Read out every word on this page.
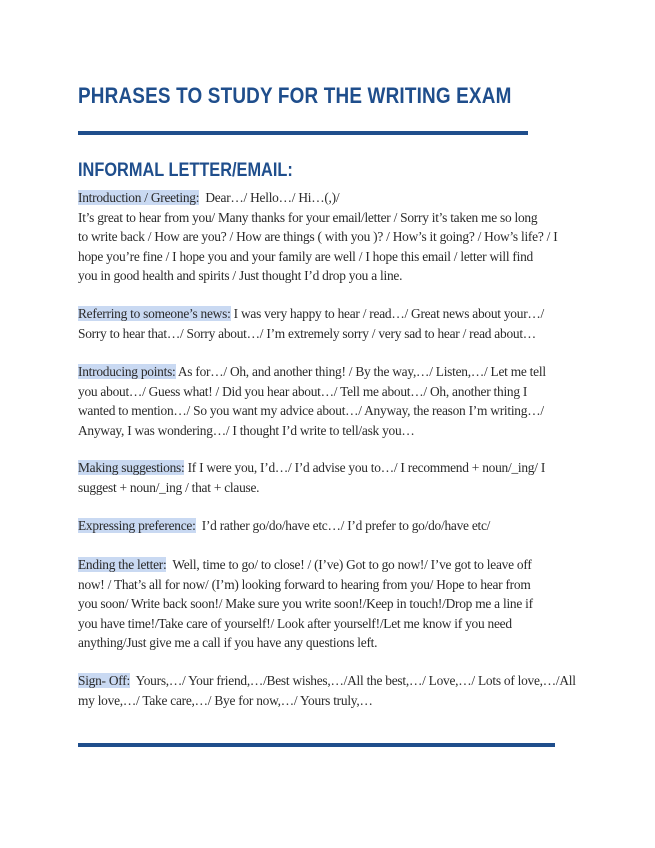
PHRASES TO STUDY FOR THE WRITING EXAM
INFORMAL LETTER/EMAIL:

Introduction / Greeting:  Dear…/ Hello…/ Hi…(,)/
It’s great to hear from you/ Many thanks for your email/letter / Sorry it’s taken me so long
to write back / How are you? / How are things ( with you )? / How’s it going? / How’s life? / I
hope you’re fine / I hope you and your family are well / I hope this email / letter will find
you in good health and spirits / Just thought I’d drop you a line.

Referring to someone’s news: I was very happy to hear / read…/ Great news about your…/
Sorry to hear that…/ Sorry about…/ I’m extremely sorry / very sad to hear / read about…

Introducing points: As for…/ Oh, and another thing! / By the way,…/ Listen,…/ Let me tell
you about…/ Guess what! / Did you hear about…/ Tell me about…/ Oh, another thing I
wanted to mention…/ So you want my advice about…/ Anyway, the reason I’m writing…/
Anyway, I was wondering…/ I thought I’d write to tell/ask you…

Making suggestions: If I were you, I’d…/ I’d advise you to…/ I recommend + noun/_ing/ I
suggest + noun/_ing / that + clause.

Expressing preference:  I’d rather go/do/have etc…/ I’d prefer to go/do/have etc/

Ending the letter:  Well, time to go/ to close! / (I’ve) Got to go now!/ I’ve got to leave off
now! / That’s all for now/ (I’m) looking forward to hearing from you/ Hope to hear from
you soon/ Write back soon!/ Make sure you write soon!/Keep in touch!/Drop me a line if
you have time!/Take care of yourself!/ Look after yourself!/Let me know if you need
anything/Just give me a call if you have any questions left.

Sign- Off:  Yours,…/ Your friend,…/Best wishes,…/All the best,…/ Love,…/ Lots of love,…/All
my love,…/ Take care,…/ Bye for now,…/ Yours truly,…
